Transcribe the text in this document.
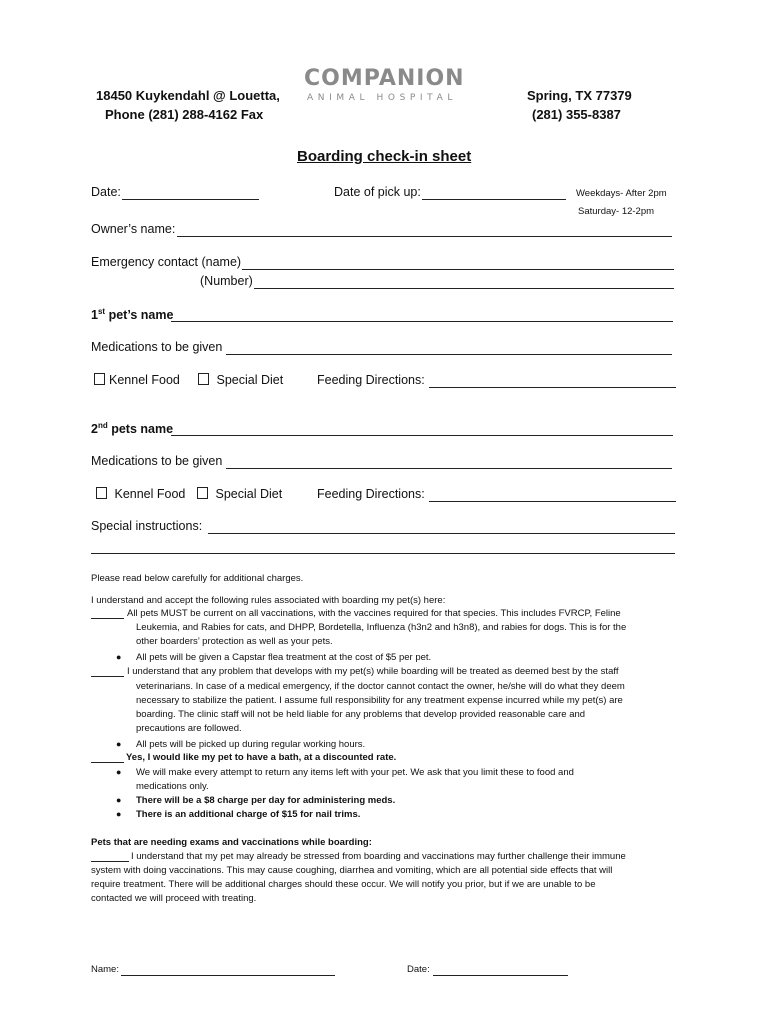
18450 Kuykendahl @ Louetta,
Phone (281) 288-4162 Fax
COMPANION
ANIMAL HOSPITAL	Spring, TX 77379
(281) 355-8387
Boarding check-in sheet
Date:	Date of pick up:	Weekdays- After 2pm
Saturday- 12-2pm
Owner’s name:
Emergency contact (name)
(Number)
1st pet’s name
Medications to be given
Kennel Food	Special Diet	Feeding Directions:
2nd pets name
Medications to be given
Kennel Food	Special Diet	Feeding Directions:
Special instructions:
Please read below carefully for additional charges.
I understand and accept the following rules associated with boarding my pet(s) here:
All pets MUST be current on all vaccinations, with the vaccines required for that species. This includes FVRCP, Feline
Leukemia, and Rabies for cats, and DHPP, Bordetella, Influenza (h3n2 and h3n8), and rabies for dogs. This is for the
other boarders’ protection as well as your pets.
● All pets will be given a Capstar flea treatment at the cost of $5 per pet.
I understand that any problem that develops with my pet(s) while boarding will be treated as deemed best by the staff
veterinarians. In case of a medical emergency, if the doctor cannot contact the owner, he/she will do what they deem
necessary to stabilize the patient. I assume full responsibility for any treatment expense incurred while my pet(s) are
boarding. The clinic staff will not be held liable for any problems that develop provided reasonable care and
precautions are followed.
● All pets will be picked up during regular working hours.
Yes, I would like my pet to have a bath, at a discounted rate.
● We will make every attempt to return any items left with your pet. We ask that you limit these to food and
medications only.
● There will be a $8 charge per day for administering meds.
● There is an additional charge of $15 for nail trims.
Pets that are needing exams and vaccinations while boarding:
I understand that my pet may already be stressed from boarding and vaccinations may further challenge their immune
system with doing vaccinations. This may cause coughing, diarrhea and vomiting, which are all potential side effects that will
require treatment. There will be additional charges should these occur. We will notify you prior, but if we are unable to be
contacted we will proceed with treating.
Name:	Date:
